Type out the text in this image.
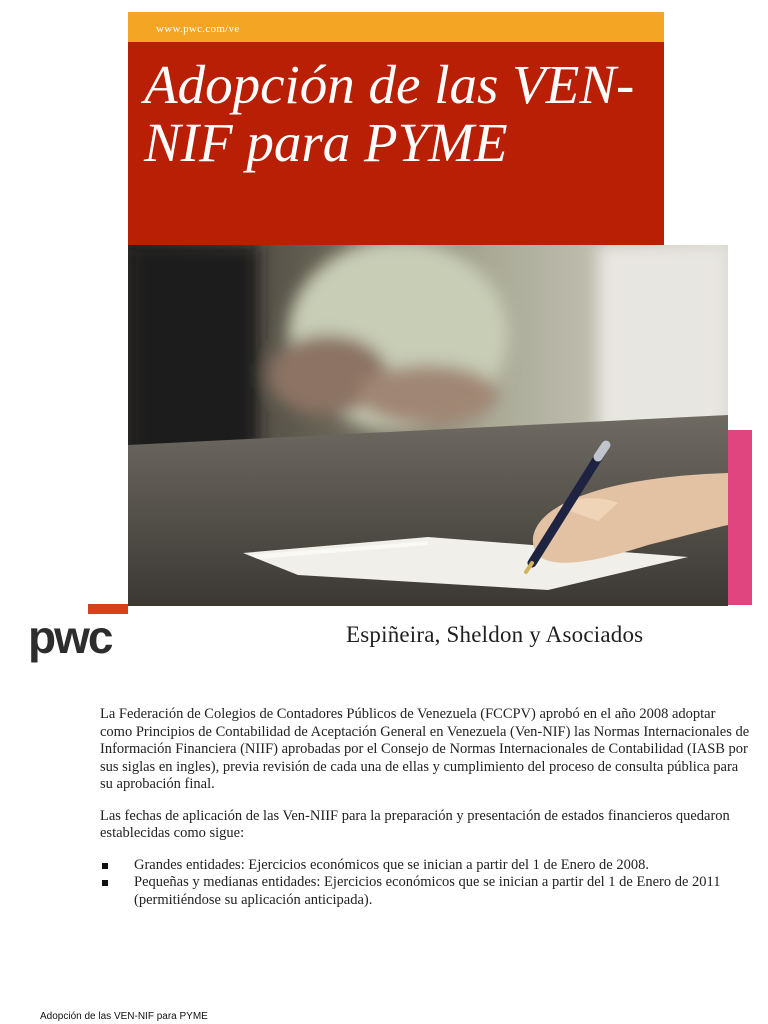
www.pwc.com/ve
Adopción de las VEN-NIF para PYME
pwc	Espiñeira, Sheldon y Asociados

La Federación de Colegios de Contadores Públicos de Venezuela (FCCPV) aprobó en el año 2008 adoptar como Principios de Contabilidad de Aceptación General en Venezuela (Ven-NIF) las Normas Internacionales de Información Financiera (NIIF) aprobadas por el Consejo de Normas Internacionales de Contabilidad (IASB por sus siglas en ingles), previa revisión de cada una de ellas y cumplimiento del proceso de consulta pública para su aprobación final.

Las fechas de aplicación de las Ven-NIIF para la preparación y presentación de estados financieros quedaron establecidas como sigue:

Grandes entidades: Ejercicios económicos que se inician a partir del 1 de Enero de 2008.
Pequeñas y medianas entidades: Ejercicios económicos que se inician a partir del 1 de Enero de 2011 (permitiéndose su aplicación anticipada).
Adopción de las VEN-NIF para PYME
